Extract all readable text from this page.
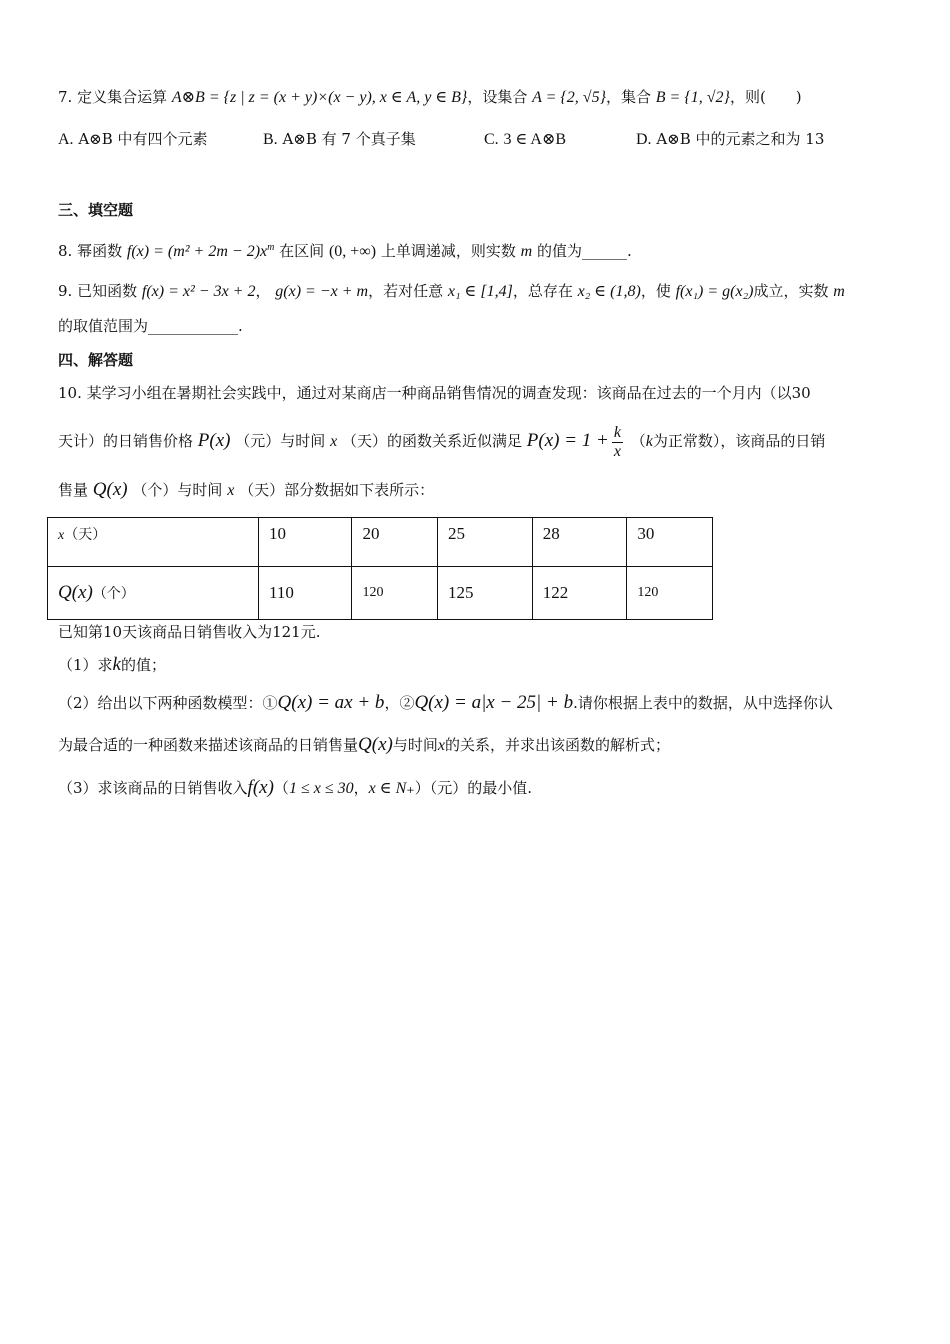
7. 定义集合运算 A⊗B = {z | z = (x + y)×(x − y), x ∈ A, y ∈ B}，设集合 A = {2, √5}，集合 B = {1, √2}，则(　　)
A. A⊗B 中有四个元素	B. A⊗B 有 7 个真子集	C. 3 ∈ A⊗B	D. A⊗B 中的元素之和为 13
三、填空题
8. 幂函数 $f(x) = (m^2 + 2m - 2)x^m$ 在区间 (0, +∞) 上单调递减，则实数 m 的值为______.
9. 已知函数 f(x) = x² − 3x + 2， g(x) = −x + m，若对任意 x₁ ∈ [1,4]，总存在 x₂ ∈ (1,8)，使 f(x₁) = g(x₂)成立，实数 m
的取值范围为____________.
四、解答题
10. 某学习小组在暑期社会实践中，通过对某商店一种商品销售情况的调查发现：该商品在过去的一个月内（以30
天计）的日销售价格 P(x) （元）与时间 x （天）的函数关系近似满足 $P(x) = 1 + \frac{k}{x} (k$为正常数），该商品的日销
售量 Q(x) （个）与时间 x （天）部分数据如下表所示：
x（天）	10	20	25	28	30
Q(x)（个）	110	120	125	122	120
已知第10天该商品日销售收入为121元.
（1）求k的值；
（2）给出以下两种函数模型：①Q(x) = ax + b，②Q(x) = a|x − 25| + b.请你根据上表中的数据，从中选择你认
为最合适的一种函数来描述该商品的日销售量Q(x)与时间x的关系，并求出该函数的解析式；
（3）求该商品的日销售收入f(x)（1 ≤ x ≤ 30，x ∈ N₊）（元）的最小值.
